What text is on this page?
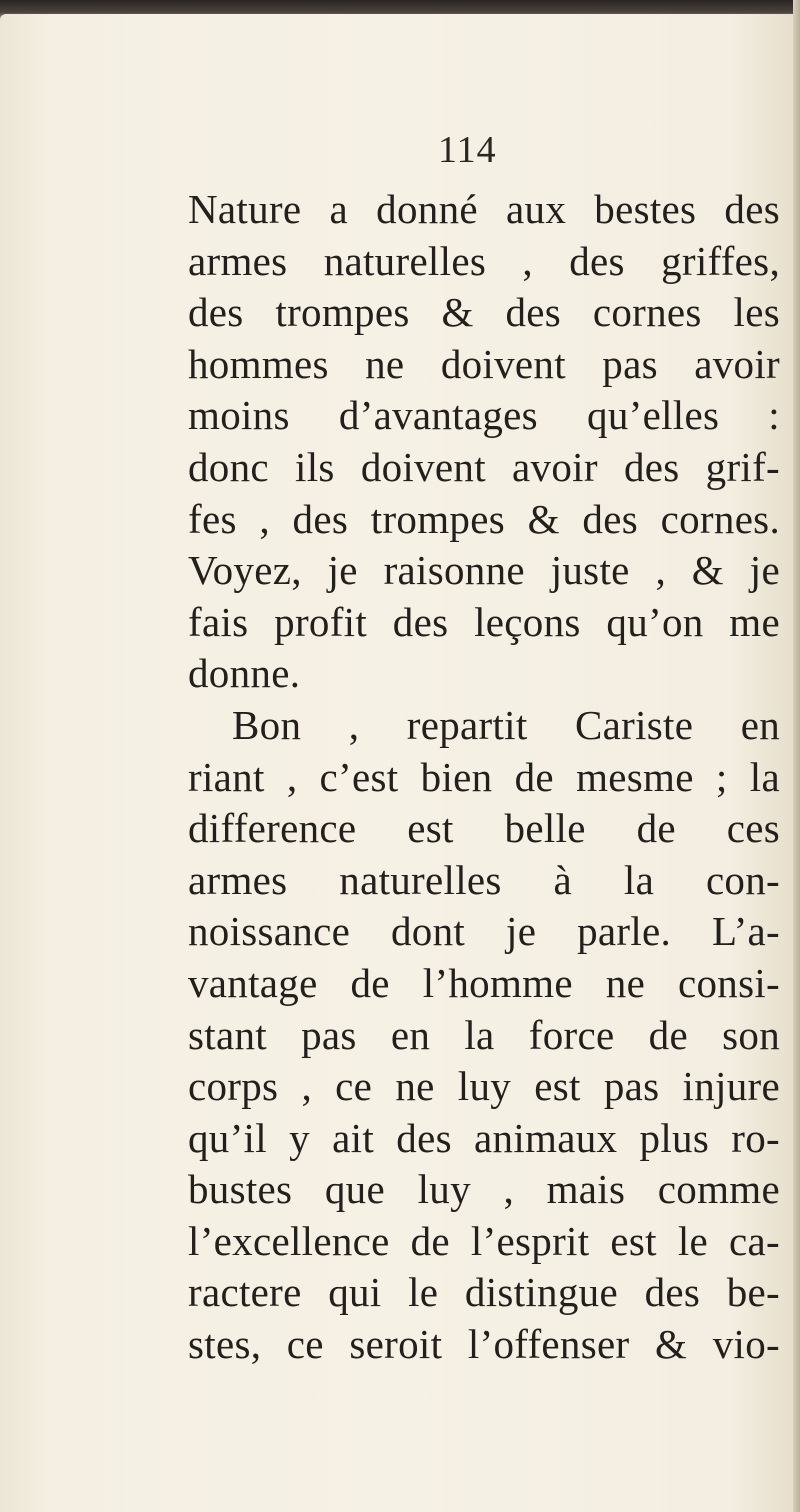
114
Nature a donné aux bestes des
armes naturelles , des griffes,
des trompes & des cornes les
hommes ne doivent pas avoir
moins d’avantages qu’elles :
donc ils doivent avoir des grif-
fes , des trompes & des cornes.
Voyez, je raisonne juste , & je
fais profit des leçons qu’on me
donne.
Bon , repartit Cariste en
riant , c’est bien de mesme ; la
difference est belle de ces
armes naturelles à la con-
noissance dont je parle. L’a-
vantage de l’homme ne consi-
stant pas en la force de son
corps , ce ne luy est pas injure
qu’il y ait des animaux plus ro-
bustes que luy , mais comme
l’excellence de l’esprit est le ca-
ractere qui le distingue des be-
stes, ce seroit l’offenser & vio-
